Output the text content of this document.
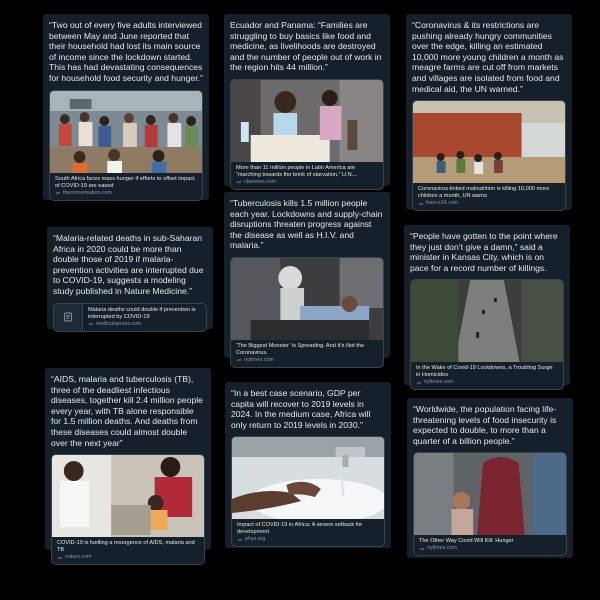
“Two out of every five adults interviewed between May and June reported that their household had lost its main source of income since the lockdown started. This has had devastating consequences for household food security and hunger.”

South Africa faces mass hunger if efforts to offset impact of COVID-19 are eased
theconversation.com

Ecuador and Panama: “Families are struggling to buy basics like food and medicine, as livelihoods are destroyed and the number of people out of work in the region hits 44 million.”

More than 11 million people in Latin America are “marching towards the brink of starvation,” U.N....
cbsnews.com

“Coronavirus & its restrictions are pushing already hungry communities over the edge, killing an estimated 10,000 more young children a month as meagre farms are cut off from markets and villages are isolated from food and medical aid, the UN warned.”

Coronavirus-linked malnutrition is killing 10,000 more children a month, UN warns
france24.com

“Malaria-related deaths in sub-Saharan Africa in 2020 could be more than double those of 2019 if malaria-prevention activities are interrupted due to COVID-19, suggests a modeling study published in Nature Medicine.”

Malaria deaths could double if prevention is interrupted by COVID-19
medicalxpress.com

“Tuberculosis kills 1.5 million people each year. Lockdowns and supply-chain disruptions threaten progress against the disease as well as H.I.V. and malaria.”

‘The Biggest Monster’ Is Spreading. And It’s Not the Coronavirus.
nytimes.com

“People have gotten to the point where they just don’t give a damn,” said a minister in Kansas City, which is on pace for a record number of killings.

In the Wake of Covid-19 Lockdowns, a Troubling Surge in Homicides
nytimes.com

“AIDS, malaria and tuberculosis (TB), three of the deadliest infectious diseases, together kill 2.4 million people every year, with TB alone responsible for 1.5 million deaths. And deaths from these diseases could almost double over the next year”

COVID-19 is fuelling a resurgence of AIDS, malaria and TB
nature.com

“In a best case scenario, GDP per capita will recover to 2019 levels in 2024. In the medium case, Africa will only return to 2019 levels in 2030.”

Impact of COVID-19 in Africa: A severe setback for development
phys.org

“Worldwide, the population facing life-threatening levels of food insecurity is expected to double, to more than a quarter of a billion people.”

The Other Way Covid Will Kill: Hunger
nytimes.com
